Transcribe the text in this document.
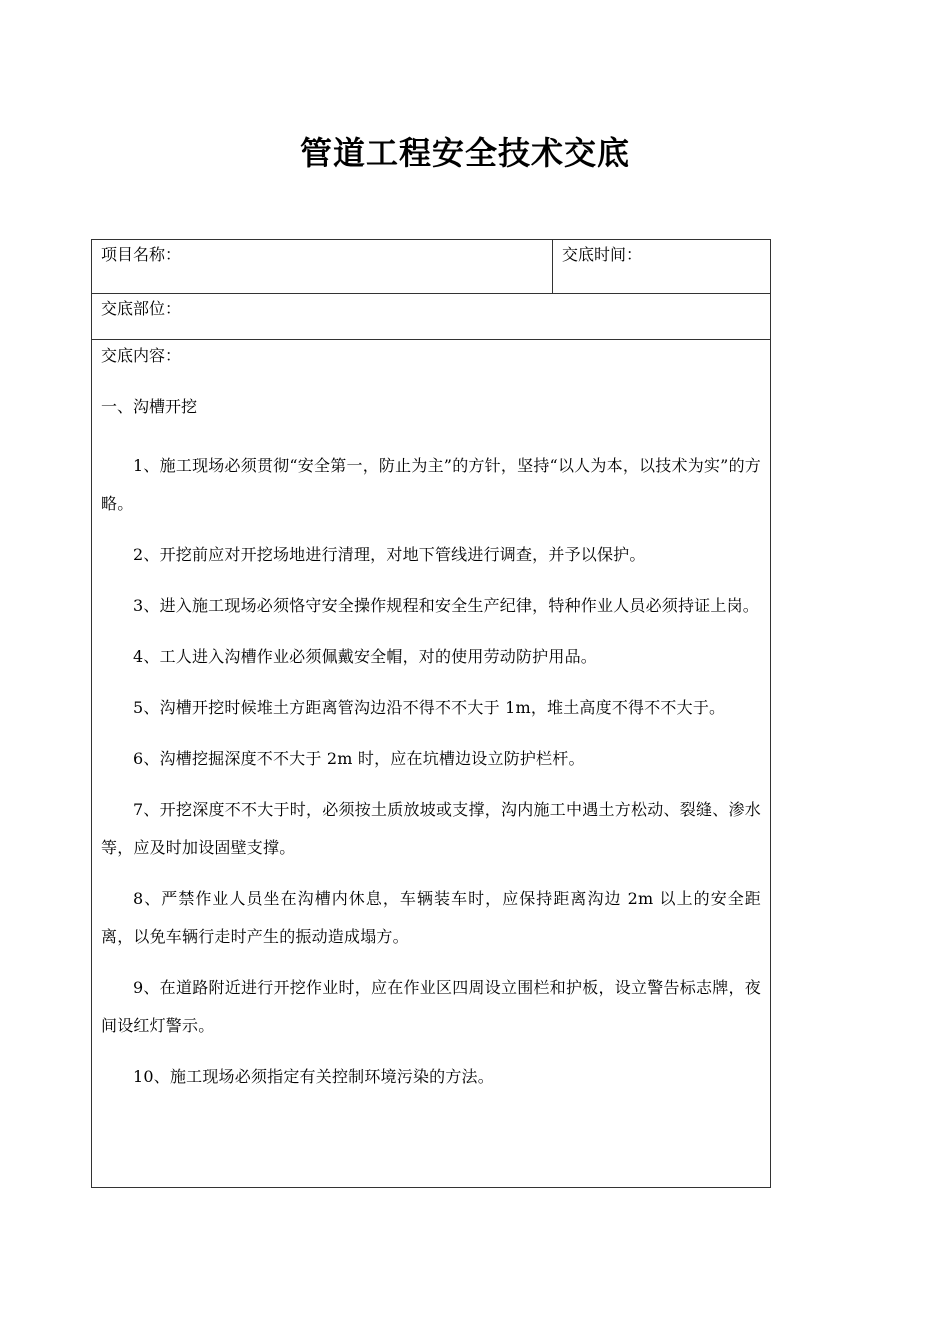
管道工程安全技术交底
项目名称：	交底时间：
交底部位：
交底内容：
一、沟槽开挖

1、施工现场必须贯彻“安全第一，防止为主”的方针，坚持“以人为本，以技术为实”的方略。

2、开挖前应对开挖场地进行清理，对地下管线进行调查，并予以保护。

3、进入施工现场必须恪守安全操作规程和安全生产纪律，特种作业人员必须持证上岗。

4、工人进入沟槽作业必须佩戴安全帽，对的使用劳动防护用品。

5、沟槽开挖时候堆土方距离管沟边沿不得不不大于 1m，堆土高度不得不不大于。

6、沟槽挖掘深度不不大于 2m 时，应在坑槽边设立防护栏杆。

7、开挖深度不不大于时，必须按土质放坡或支撑，沟内施工中遇土方松动、裂缝、渗水等，应及时加设固壁支撑。

8、严禁作业人员坐在沟槽内休息，车辆装车时，应保持距离沟边 2m 以上的安全距离，以免车辆行走时产生的振动造成塌方。

9、在道路附近进行开挖作业时，应在作业区四周设立围栏和护板，设立警告标志牌，夜间设红灯警示。

10、施工现场必须指定有关控制环境污染的方法。
